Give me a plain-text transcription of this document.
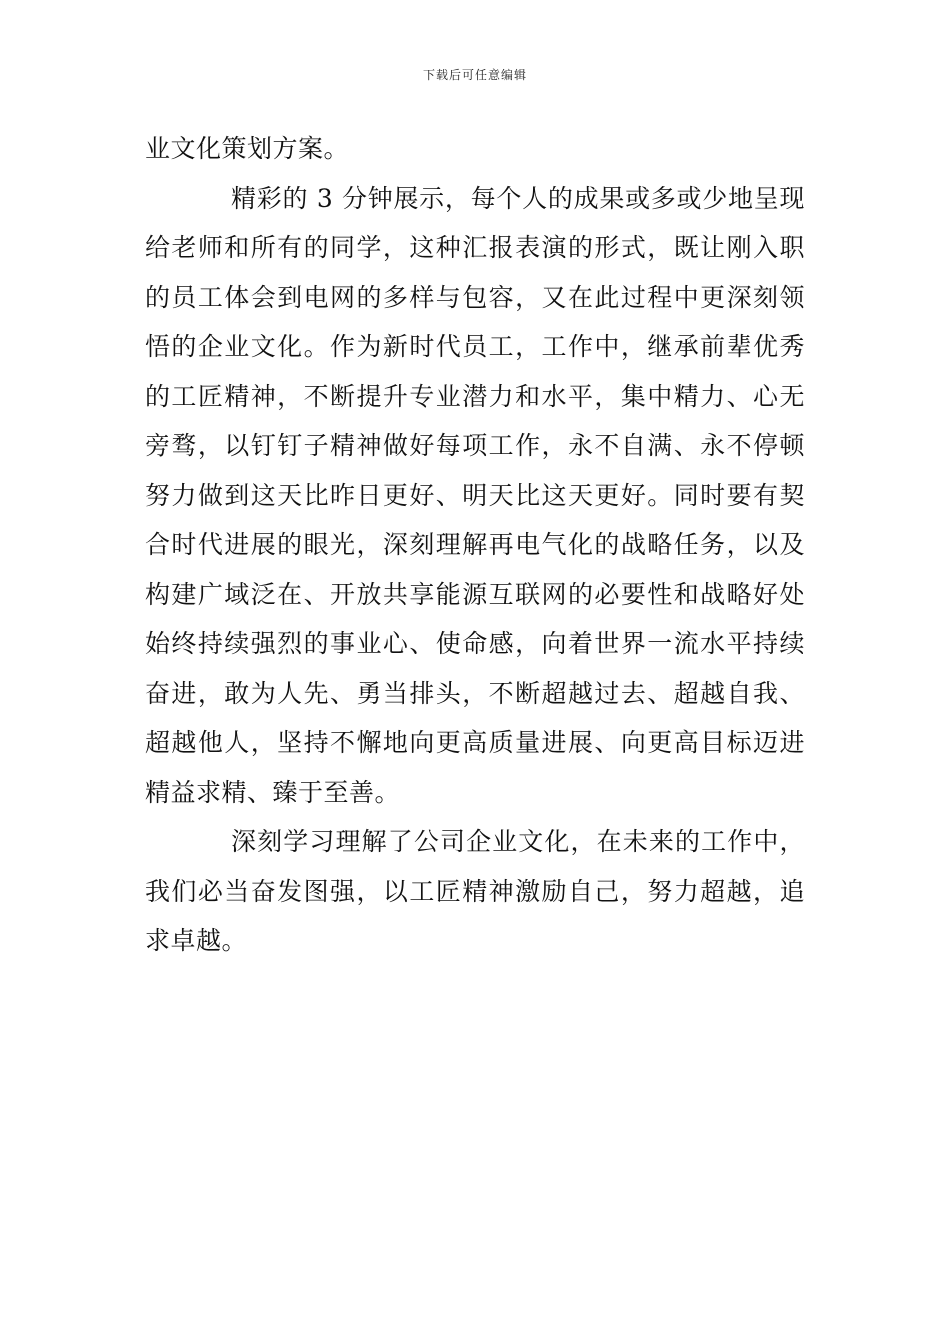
下载后可任意编辑
业文化策划方案。
精彩的 3 分钟展示，每个人的成果或多或少地呈现
给老师和所有的同学，这种汇报表演的形式，既让刚入职
的员工体会到电网的多样与包容，又在此过程中更深刻领
悟的企业文化。作为新时代员工，工作中，继承前辈优秀
的工匠精神，不断提升专业潜力和水平，集中精力、心无
旁骛，以钉钉子精神做好每项工作，永不自满、永不停顿
努力做到这天比昨日更好、明天比这天更好。同时要有契
合时代进展的眼光，深刻理解再电气化的战略任务，以及
构建广域泛在、开放共享能源互联网的必要性和战略好处
始终持续强烈的事业心、使命感，向着世界一流水平持续
奋进，敢为人先、勇当排头，不断超越过去、超越自我、
超越他人，坚持不懈地向更高质量进展、向更高目标迈进
精益求精、臻于至善。
深刻学习理解了公司企业文化，在未来的工作中，
我们必当奋发图强，以工匠精神激励自己，努力超越，追
求卓越。
